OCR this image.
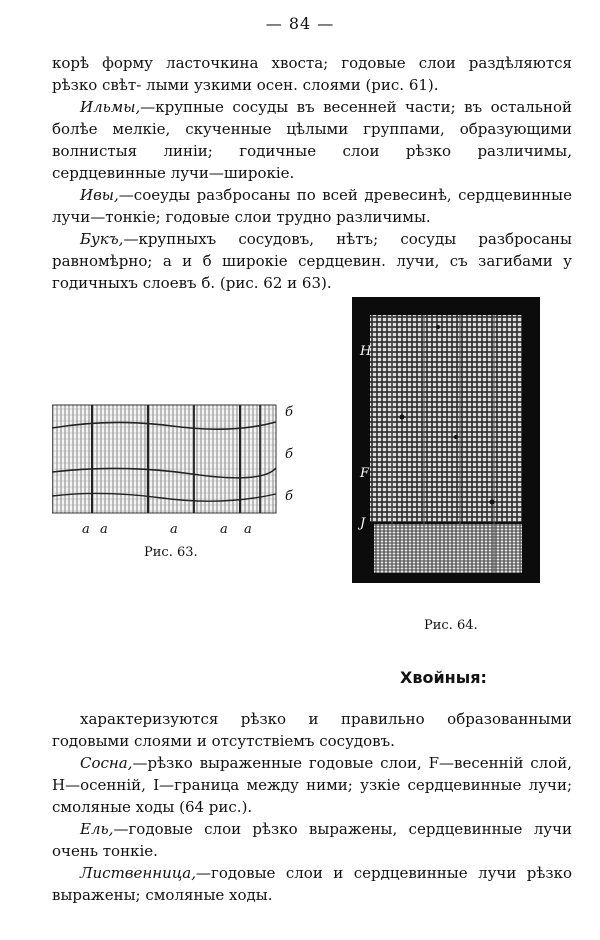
— 84 —

корѣ форму ласточкина хвоста; годовые слои раздѣляются рѣзко свѣт- лыми узкими осен. слоями (рис. 61).

Ильмы,—крупные сосуды въ весенней части; въ остальной болѣе мелкіе, скученные цѣлыми группами, образующими волнистыя линіи; годичные слои рѣзко различимы, сердцевинные лучи—широкіе.

Ивы,—соеуды разбросаны по всей древесинѣ, сердцевинные лучи—тонкіе; годовые слои трудно различимы.

Букъ,—крупныхъ сосудовъ, нѣтъ; сосуды разбросаны равномѣрно; а и б широкіе сердцевин. лучи, съ загибами у годичныхъ слоевъ б. (рис. 62 и 63).

б
б
б
a a	a	a a
Рис. 63.
H
F
J
Рис. 64.
Хвойныя:

характеризуются рѣзко и правильно образованными годовыми слоями и отсутствіемъ сосудовъ.

Сосна,—рѣзко выраженные годовые слои, F—весенній слой, H—осеннiй, I—граница между ними; узкіе сердцевинные лучи; смоляные ходы (64 рис.).

Ель,—годовые слои рѣзко выражены, сердцевинные лучи очень тонкіе.

Лиственница,—годовые слои и сердцевинные лучи рѣзко выражены; смоляные ходы.
